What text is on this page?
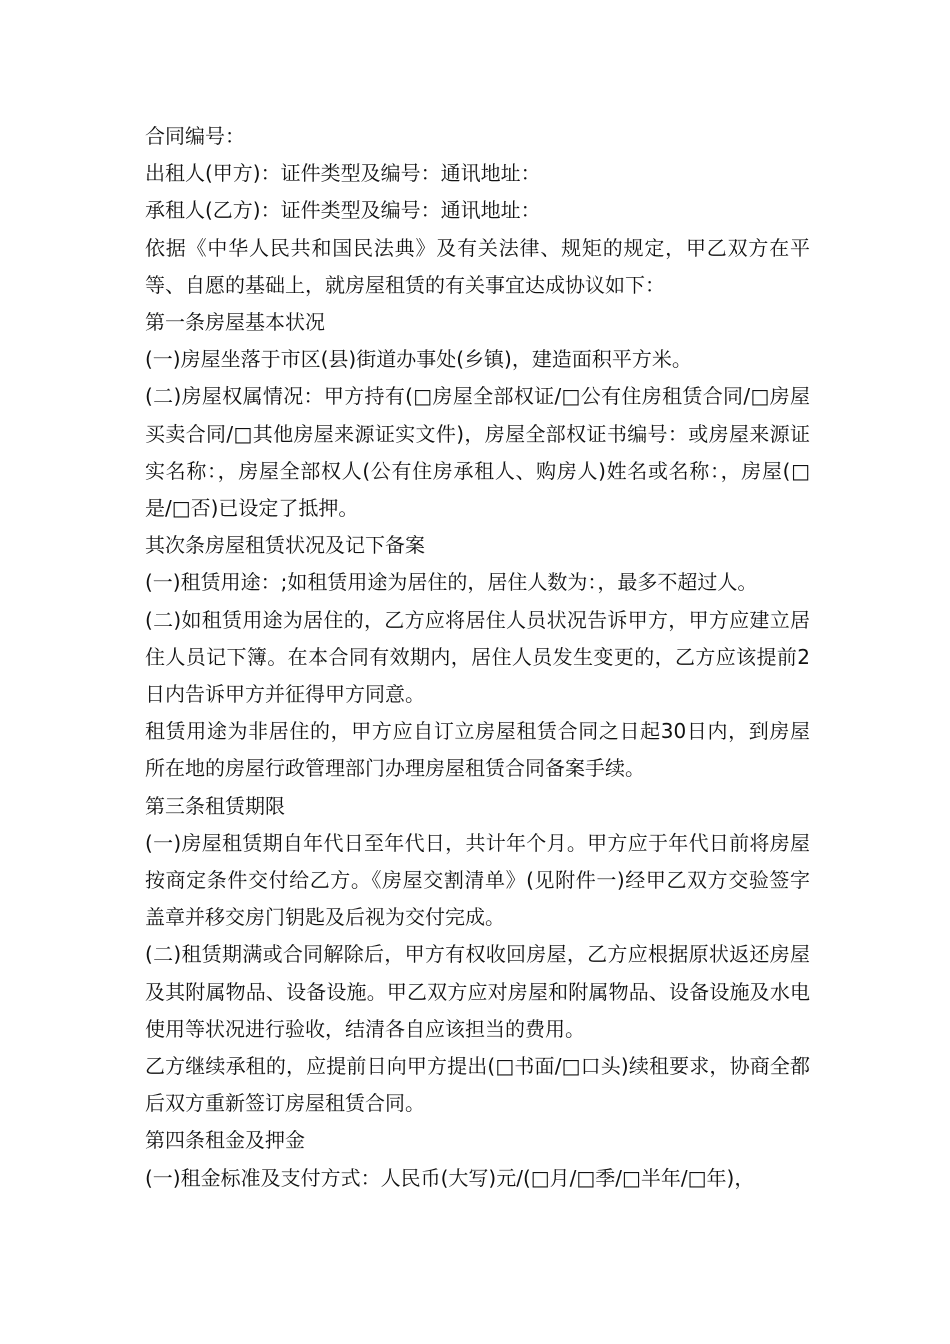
合同编号：

出租人(甲方)：证件类型及编号：通讯地址：

承租人(乙方)：证件类型及编号：通讯地址：

依据《中华人民共和国民法典》及有关法律、规矩的规定，甲乙双方在平等、自愿的基础上，就房屋租赁的有关事宜达成协议如下：

第一条房屋基本状况

(一)房屋坐落于市区(县)街道办事处(乡镇)，建造面积平方米。

(二)房屋权属情况：甲方持有(□房屋全部权证/□公有住房租赁合同/□房屋买卖合同/□其他房屋来源证实文件)，房屋全部权证书编号：或房屋来源证实名称：，房屋全部权人(公有住房承租人、购房人)姓名或名称：，房屋(□是/□否)已设定了抵押。

其次条房屋租赁状况及记下备案

(一)租赁用途：;如租赁用途为居住的，居住人数为：，最多不超过人。

(二)如租赁用途为居住的，乙方应将居住人员状况告诉甲方，甲方应建立居住人员记下簿。在本合同有效期内，居住人员发生变更的，乙方应该提前2日内告诉甲方并征得甲方同意。

租赁用途为非居住的，甲方应自订立房屋租赁合同之日起30日内，到房屋所在地的房屋行政管理部门办理房屋租赁合同备案手续。

第三条租赁期限

(一)房屋租赁期自年代日至年代日，共计年个月。甲方应于年代日前将房屋按商定条件交付给乙方。《房屋交割清单》(见附件一)经甲乙双方交验签字盖章并移交房门钥匙及后视为交付完成。

(二)租赁期满或合同解除后，甲方有权收回房屋，乙方应根据原状返还房屋及其附属物品、设备设施。甲乙双方应对房屋和附属物品、设备设施及水电使用等状况进行验收，结清各自应该担当的费用。

乙方继续承租的，应提前日向甲方提出(□书面/□口头)续租要求，协商全都后双方重新签订房屋租赁合同。

第四条租金及押金

(一)租金标准及支付方式：人民币(大写)元/(□月/□季/□半年/□年)，
